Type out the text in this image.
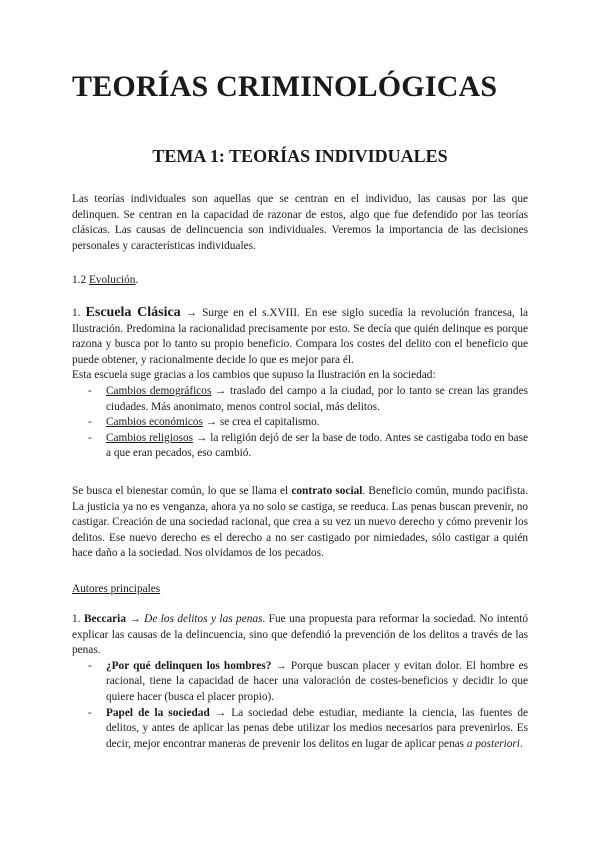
TEORÍAS CRIMINOLÓGICAS
TEMA 1: TEORÍAS INDIVIDUALES

Las teorías individuales son aquellas que se centran en el individuo, las causas por las que delinquen. Se centran en la capacidad de razonar de estos, algo que fue defendido por las teorías clásicas. Las causas de delincuencia son individuales. Veremos la importancia de las decisiones personales y características individuales.

1.2 Evolución.

1. Escuela Clásica → Surge en el s.XVIII. En ese siglo sucedía la revolución francesa, la Ilustración. Predomina la racionalidad precisamente por esto. Se decía que quién delinque es porque razona y busca por lo tanto su propio beneficio. Compara los costes del delito con el beneficio que puede obtener, y racionalmente decide lo que es mejor para él.

Esta escuela suge gracias a los cambios que supuso la Ilustración en la sociedad:

- Cambios demográficos → traslado del campo a la ciudad, por lo tanto se crean las grandes ciudades. Más anonimato, menos control social, más delitos.
- Cambios económicos → se crea el capitalismo.
- Cambios religiosos → la religión dejó de ser la base de todo. Antes se castigaba todo en base a que eran pecados, eso cambió.

Se busca el bienestar común, lo que se llama el contrato social. Beneficio común, mundo pacifista. La justicia ya no es venganza, ahora ya no solo se castiga, se reeduca. Las penas buscan prevenir, no castigar. Creación de una sociedad racional, que crea a su vez un nuevo derecho y cómo prevenir los delitos. Ese nuevo derecho es el derecho a no ser castigado por nimiedades, sólo castigar a quién hace daño a la sociedad. Nos olvidamos de los pecados.

Autores principales

1. Beccaria → De los delitos y las penas. Fue una propuesta para reformar la sociedad. No intentó explicar las causas de la delincuencia, sino que defendió la prevención de los delitos a través de las penas.

- ¿Por qué delinquen los hombres? → Porque buscan placer y evitan dolor. El hombre es racional, tiene la capacidad de hacer una valoración de costes-beneficios y decidir lo que quiere hacer (busca el placer propio).
- Papel de la sociedad → La sociedad debe estudiar, mediante la ciencia, las fuentes de delitos, y antes de aplicar las penas debe utilizar los medios necesarios para prevenirlos. Es decir, mejor encontrar maneras de prevenir los delitos en lugar de aplicar penas a posteriori.
